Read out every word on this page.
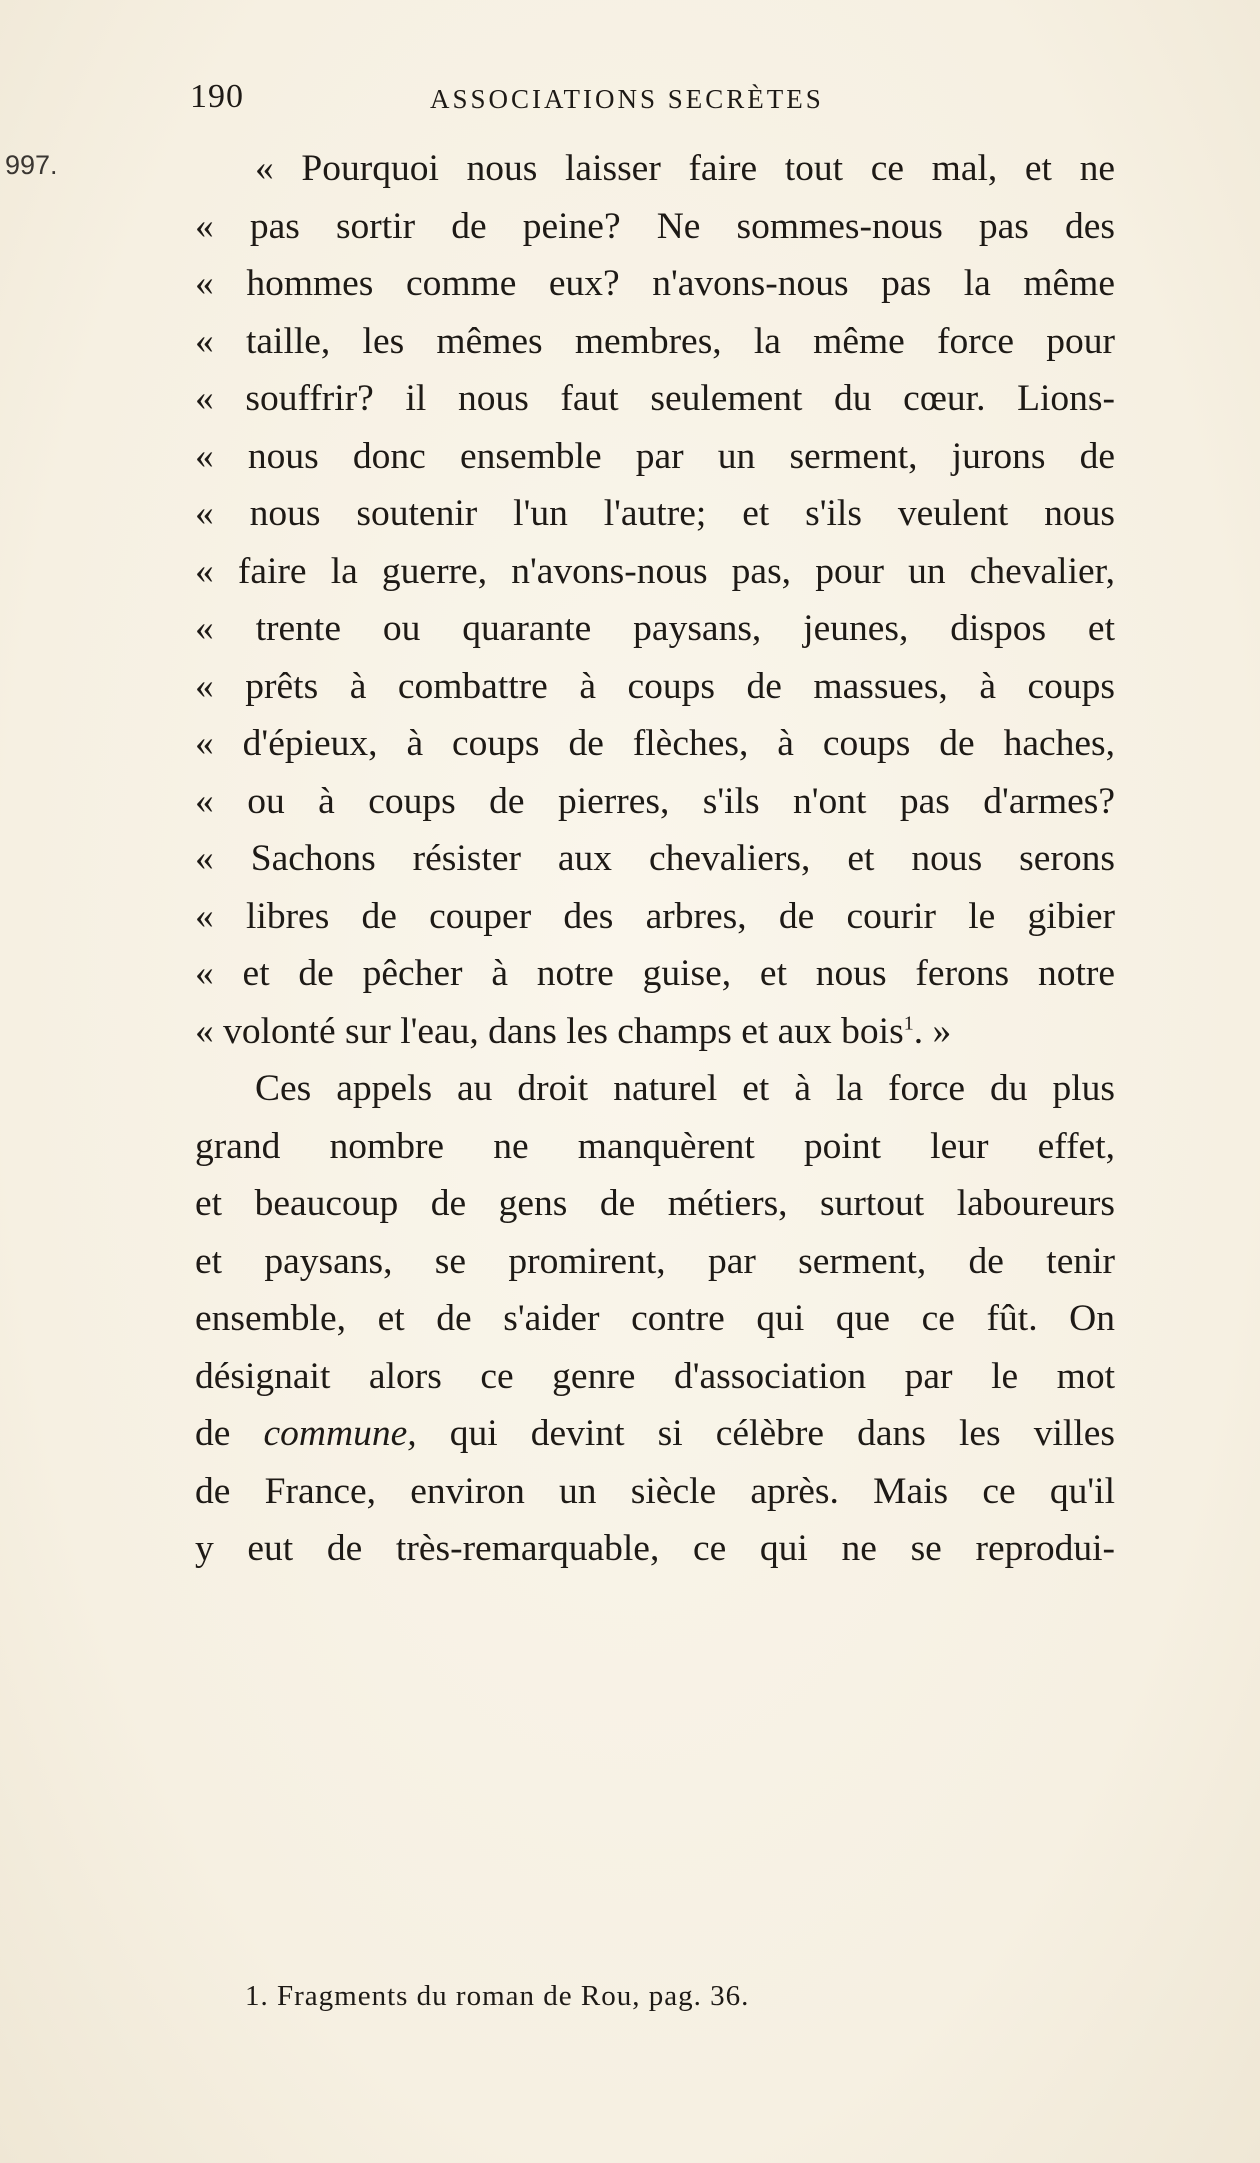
190	ASSOCIATIONS SECRÈTES
997.	« Pourquoi nous laisser faire tout ce mal, et ne
« pas sortir de peine? Ne sommes-nous pas des
« hommes comme eux? n'avons-nous pas la même
« taille, les mêmes membres, la même force pour
« souffrir? il nous faut seulement du cœur. Lions-
« nous donc ensemble par un serment, jurons de
« nous soutenir l'un l'autre; et s'ils veulent nous
« faire la guerre, n'avons-nous pas, pour un chevalier,
« trente ou quarante paysans, jeunes, dispos et
« prêts à combattre à coups de massues, à coups
« d'épieux, à coups de flèches, à coups de haches,
« ou à coups de pierres, s'ils n'ont pas d'armes?
« Sachons résister aux chevaliers, et nous serons
« libres de couper des arbres, de courir le gibier
« et de pêcher à notre guise, et nous ferons notre
« volonté sur l'eau, dans les champs et aux bois$^1$. »
Ces appels au droit naturel et à la force du plus
grand nombre ne manquèrent point leur effet,
et beaucoup de gens de métiers, surtout laboureurs
et paysans, se promirent, par serment, de tenir
ensemble, et de s'aider contre qui que ce fût. On
désignait alors ce genre d'association par le mot
de commune, qui devint si célèbre dans les villes
de France, environ un siècle après. Mais ce qu'il
y eut de très-remarquable, ce qui ne se reprodui-
1. Fragments du roman de Rou, pag. 36.
